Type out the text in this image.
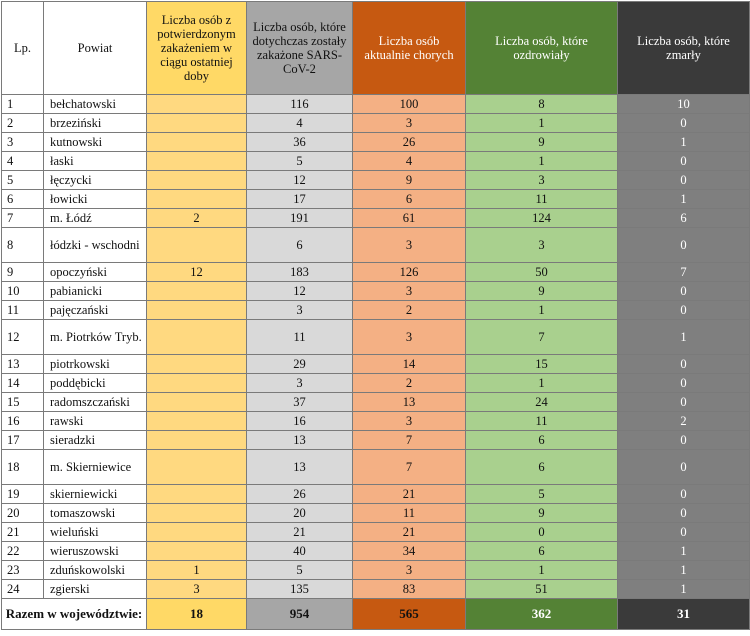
Lp.	Powiat	Liczba osób z potwierdzonym zakażeniem w ciągu ostatniej doby	Liczba osób, które dotychczas zostały zakażone SARS-CoV-2	Liczba osób aktualnie chorych	Liczba osób, które ozdrowiały	Liczba osób, które zmarły
1	bełchatowski		116	100	8	10
2	brzeziński		4	3	1	0
3	kutnowski		36	26	9	1
4	łaski		5	4	1	0
5	łęczycki		12	9	3	0
6	łowicki		17	6	11	1
7	m. Łódź	2	191	61	124	6
8	łódzki - wschodni		6	3	3	0
9	opoczyński	12	183	126	50	7
10	pabianicki		12	3	9	0
11	pajęczański		3	2	1	0
12	m. Piotrków Tryb.		11	3	7	1
13	piotrkowski		29	14	15	0
14	poddębicki		3	2	1	0
15	radomszczański		37	13	24	0
16	rawski		16	3	11	2
17	sieradzki		13	7	6	0
18	m. Skierniewice		13	7	6	0
19	skierniewicki		26	21	5	0
20	tomaszowski		20	11	9	0
21	wieluński		21	21	0	0
22	wieruszowski		40	34	6	1
23	zduńskowolski	1	5	3	1	1
24	zgierski	3	135	83	51	1
Razem w województwie:		18	954	565	362	31
